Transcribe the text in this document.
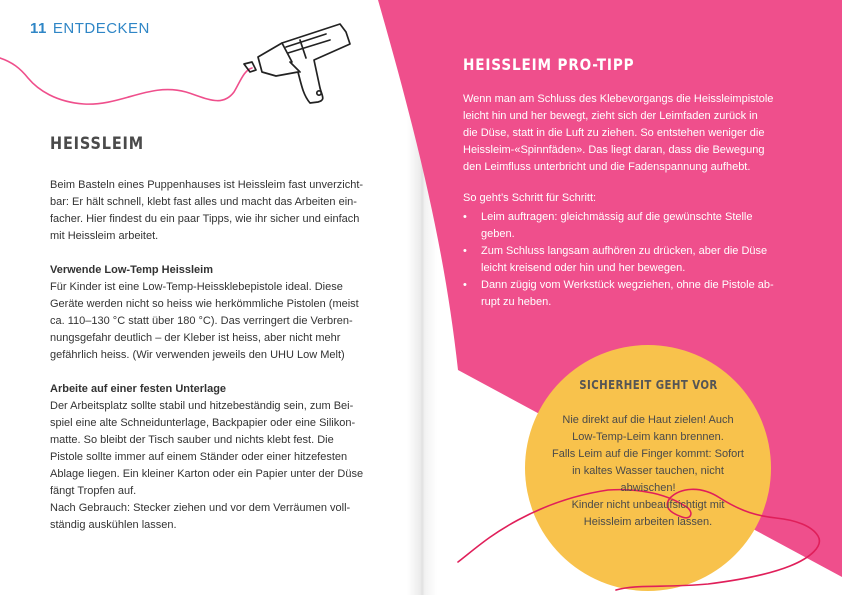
11 ENTDECKEN
HEISSLEIM

Beim Basteln eines Puppenhauses ist Heissleim fast unverzicht-

bar: Er hält schnell, klebt fast alles und macht das Arbeiten ein-

facher. Hier findest du ein paar Tipps, wie ihr sicher und einfach

mit Heissleim arbeitet.

Verwende Low-Temp Heissleim

Für Kinder ist eine Low-Temp-Heissklebepistole ideal. Diese

Geräte werden nicht so heiss wie herkömmliche Pistolen (meist

ca. 110–130 °C statt über 180 °C). Das verringert die Verbren-

nungsgefahr deutlich – der Kleber ist heiss, aber nicht mehr

gefährlich heiss. (Wir verwenden jeweils den UHU Low Melt)

Arbeite auf einer festen Unterlage

Der Arbeitsplatz sollte stabil und hitzebeständig sein, zum Bei-

spiel eine alte Schneidunterlage, Backpapier oder eine Silikon-

matte. So bleibt der Tisch sauber und nichts klebt fest. Die

Pistole sollte immer auf einem Ständer oder einer hitzefesten

Ablage liegen. Ein kleiner Karton oder ein Papier unter der Düse

fängt Tropfen auf.

Nach Gebrauch: Stecker ziehen und vor dem Verräumen voll-

ständig auskühlen lassen.

HEISSLEIM PRO-TIPP

Wenn man am Schluss des Klebevorgangs die Heissleimpistole

leicht hin und her bewegt, zieht sich der Leimfaden zurück in

die Düse, statt in die Luft zu ziehen. So entstehen weniger die

Heissleim-«Spinnfäden». Das liegt daran, dass die Bewegung

den Leimfluss unterbricht und die Fadenspannung aufhebt.

So geht’s Schritt für Schritt:
• Leim auftragen: gleichmässig auf die gewünschte Stelle
geben.
• Zum Schluss langsam aufhören zu drücken, aber die Düse
leicht kreisend oder hin und her bewegen.
• Dann zügig vom Werkstück wegziehen, ohne die Pistole ab-
rupt zu heben.
SICHERHEIT GEHT VOR

Nie direkt auf die Haut zielen! Auch

Low-Temp-Leim kann brennen.

Falls Leim auf die Finger kommt: Sofort

in kaltes Wasser tauchen, nicht

abwischen!

Kinder nicht unbeaufsichtigt mit

Heissleim arbeiten lassen.
